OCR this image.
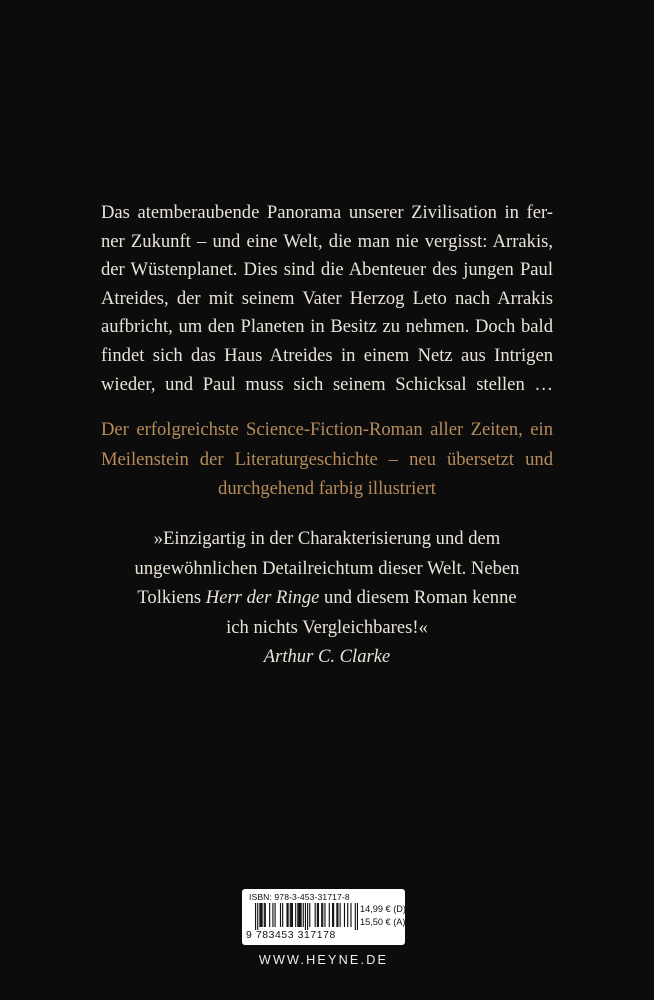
Das atemberaubende Panorama unserer Zivilisation in fer-
ner Zukunft – und eine Welt, die man nie vergisst: Arrakis,
der Wüstenplanet. Dies sind die Abenteuer des jungen Paul
Atreides, der mit seinem Vater Herzog Leto nach Arrakis
aufbricht, um den Planeten in Besitz zu nehmen. Doch bald
findet sich das Haus Atreides in einem Netz aus Intrigen
wieder, und Paul muss sich seinem Schicksal stellen …
Der erfolgreichste Science-Fiction-Roman aller Zeiten, ein
Meilenstein der Literaturgeschichte – neu übersetzt und
durchgehend farbig illustriert
»Einzigartig in der Charakterisierung und dem
ungewöhnlichen Detailreichtum dieser Welt. Neben
Tolkiens Herr der Ringe und diesem Roman kenne
ich nichts Vergleichbares!«
Arthur C. Clarke
ISBN: 978-3-453-31717-8
9 783453 317178
14,99 € (D)
15,50 € (A)
WWW.HEYNE.DE
